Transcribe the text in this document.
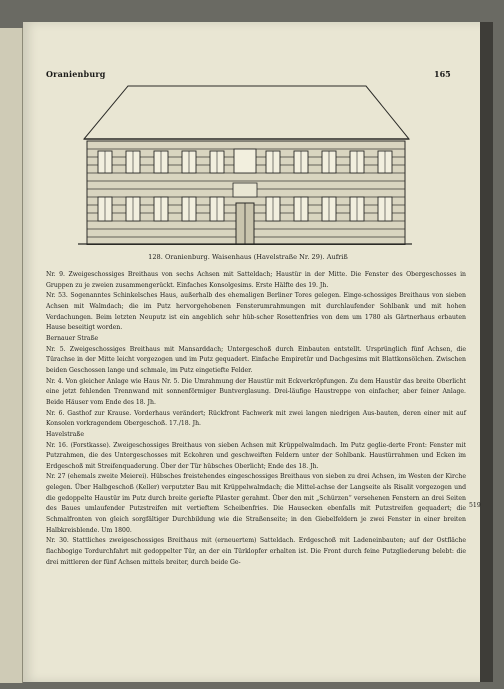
Oranienburg	165
128. Oranienburg. Waisenhaus (Havelstraße Nr. 29). Aufriß

Nr. 9. Zweigeschossiges Breithaus von sechs Achsen mit Satteldach; Haustür in der Mitte. Die Fenster des Obergeschosses in Gruppen zu je zweien zusammengerückt. Einfaches Konsolgesims. Erste Hälfte des 19. Jh.

Nr. 53. Sogenanntes Schinkelsches Haus, außerhalb des ehemaligen Berliner Tores gelegen. Einge-schossiges Breithaus von sieben Achsen mit Walmdach; die im Putz hervorgehobenen Fensterumrahmungen mit durchlaufender Sohlbank und mit hohen Verdachungen. Beim letzten Neuputz ist ein angeblich sehr hüb-scher Rosettenfries von dem um 1780 als Gärtnerhaus erbauten Hause beseitigt worden.

Bernauer Straße

Nr. 5. Zweigeschossiges Breithaus mit Mansarddach; Untergeschoß durch Einbauten entstellt. Ursprünglich fünf Achsen, die Türachse in der Mitte leicht vorgezogen und im Putz gequadert. Einfache Empiretür und Dachgesims mit Blattkonsölchen. Zwischen beiden Geschossen lange und schmale, im Putz eingetiefte Felder.

Nr. 4. Von gleicher Anlage wie Haus Nr. 5. Die Umrahmung der Haustür mit Eckverkröpfungen. Zu dem Haustür das breite Oberlicht eine jetzt fehlenden Trennwand mit sonnenförmiger Buntverglasung. Drei-läufige Haustreppe von einfacher, aber feiner Anlage. Beide Häuser vom Ende des 18. Jh.

Nr. 6. Gasthof zur Krause. Vorderhaus verändert; Rückfront Fachwerk mit zwei langen niedrigen Aus-bauten, deren einer mit auf Konsolen vorkragendem Obergeschoß. 17./18. Jh.

Havelstraße

Nr. 16. (Forstkasse). Zweigeschossiges Breithaus von sieben Achsen mit Krüppelwalmdach. Im Putz geglie-derte Front: Fenster mit Putzrahmen, die des Untergeschosses mit Eckohren und geschweiften Feldern unter der Sohlbank. Haustürrahmen und Ecken im Erdgeschoß mit Streifenquaderung. Über der Tür hübsches Oberlicht; Ende des 18. Jh.

Nr. 27 (ehemals zweite Meierei). Hübsches freistehendes eingeschossiges Breithaus von sieben zu drei Achsen, im Westen der Kirche gelegen. Über Halbgeschoß (Keller) verputzter Bau mit Krüppelwalmdach; die Mittel-achse der Langseite als Risalit vorgezogen und die gedoppelte Haustür im Putz durch breite geriefte Pilaster gerahmt. Über den mit „Schürzen“ versehenen Fenstern an drei Seiten des Baues umlaufender Putzstreifen mit vertieftem Scheibenfries. Die Hausecken ebenfalls mit Putzstreifen gequadert; die Schmalfronten von gleich sorgfältiger Durchbildung wie die Straßenseite; in den Giebelfeldern je zwei Fenster in einer breiten Halbkreisblende. Um 1800.

Nr. 30. Stattliches zweigeschossiges Breithaus mit (erneuertem) Satteldach. Erdgeschoß mit Ladeneinbauten; auf der Ostfläche flachbogige Tordurchfahrt mit gedoppelter Tür, an der ein Türklopfer erhalten ist. Die Front durch feine Putzgliederung belebt: die drei mittleren der fünf Achsen mittels breiter, durch beide Ge-

519
